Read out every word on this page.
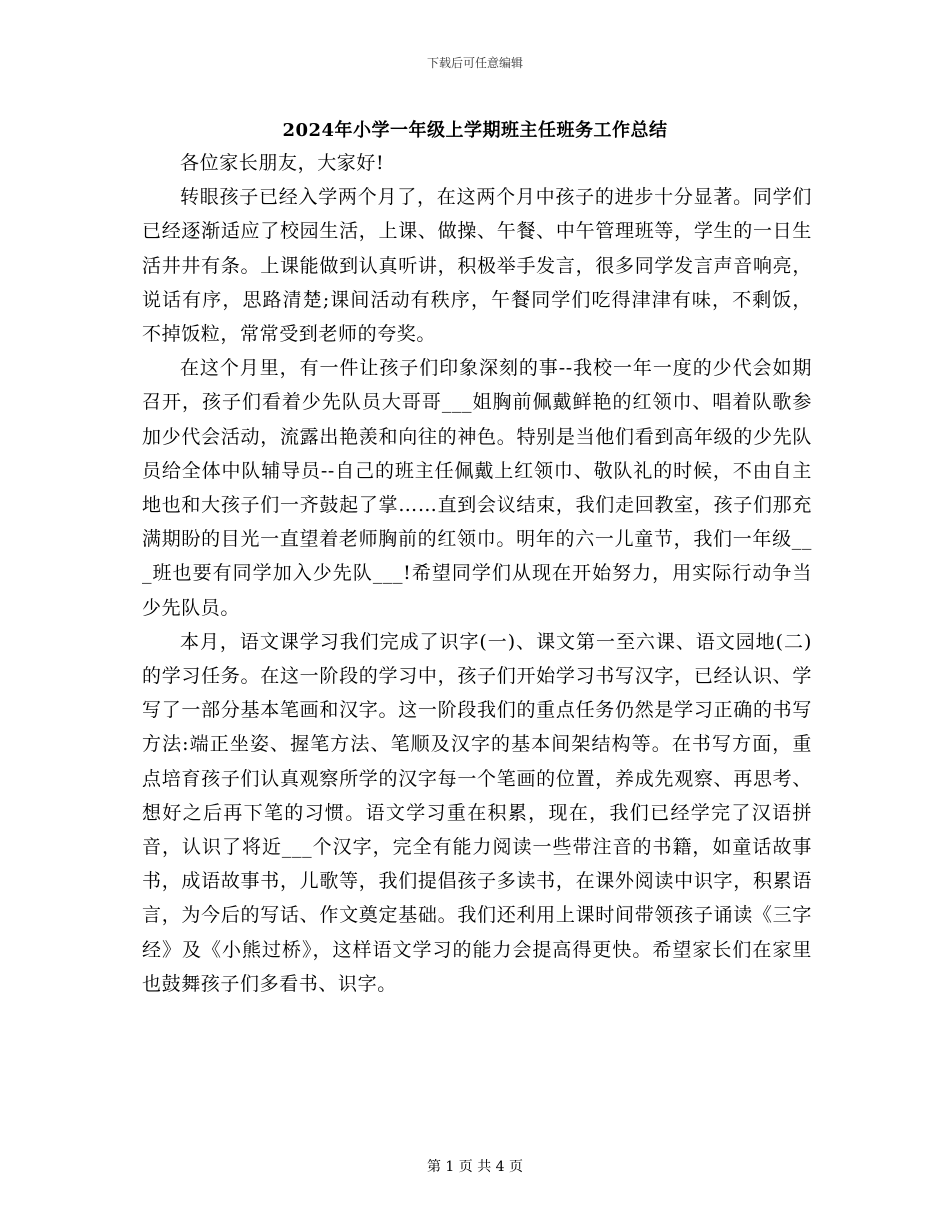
下载后可任意编辑
2024年小学一年级上学期班主任班务工作总结

各位家长朋友，大家好!

转眼孩子已经入学两个月了，在这两个月中孩子的进步十分显著。同学们已经逐渐适应了校园生活，上课、做操、午餐、中午管理班等，学生的一日生活井井有条。上课能做到认真听讲，积极举手发言，很多同学发言声音响亮，说话有序，思路清楚;课间活动有秩序，午餐同学们吃得津津有味，不剩饭，不掉饭粒，常常受到老师的夸奖。

在这个月里，有一件让孩子们印象深刻的事--我校一年一度的少代会如期召开，孩子们看着少先队员大哥哥___姐胸前佩戴鲜艳的红领巾、唱着队歌参加少代会活动，流露出艳羡和向往的神色。特别是当他们看到高年级的少先队员给全体中队辅导员--自己的班主任佩戴上红领巾、敬队礼的时候，不由自主地也和大孩子们一齐鼓起了掌……直到会议结束，我们走回教室，孩子们那充满期盼的目光一直望着老师胸前的红领巾。明年的六一儿童节，我们一年级___班也要有同学加入少先队___!希望同学们从现在开始努力，用实际行动争当少先队员。

本月，语文课学习我们完成了识字(一)、课文第一至六课、语文园地(二)的学习任务。在这一阶段的学习中，孩子们开始学习书写汉字，已经认识、学写了一部分基本笔画和汉字。这一阶段我们的重点任务仍然是学习正确的书写方法:端正坐姿、握笔方法、笔顺及汉字的基本间架结构等。在书写方面，重点培育孩子们认真观察所学的汉字每一个笔画的位置，养成先观察、再思考、想好之后再下笔的习惯。语文学习重在积累，现在，我们已经学完了汉语拼音，认识了将近___个汉字，完全有能力阅读一些带注音的书籍，如童话故事书，成语故事书，儿歌等，我们提倡孩子多读书，在课外阅读中识字，积累语言，为今后的写话、作文奠定基础。我们还利用上课时间带领孩子诵读《三字经》及《小熊过桥》，这样语文学习的能力会提高得更快。希望家长们在家里也鼓舞孩子们多看书、识字。

第 1 页 共 4 页
